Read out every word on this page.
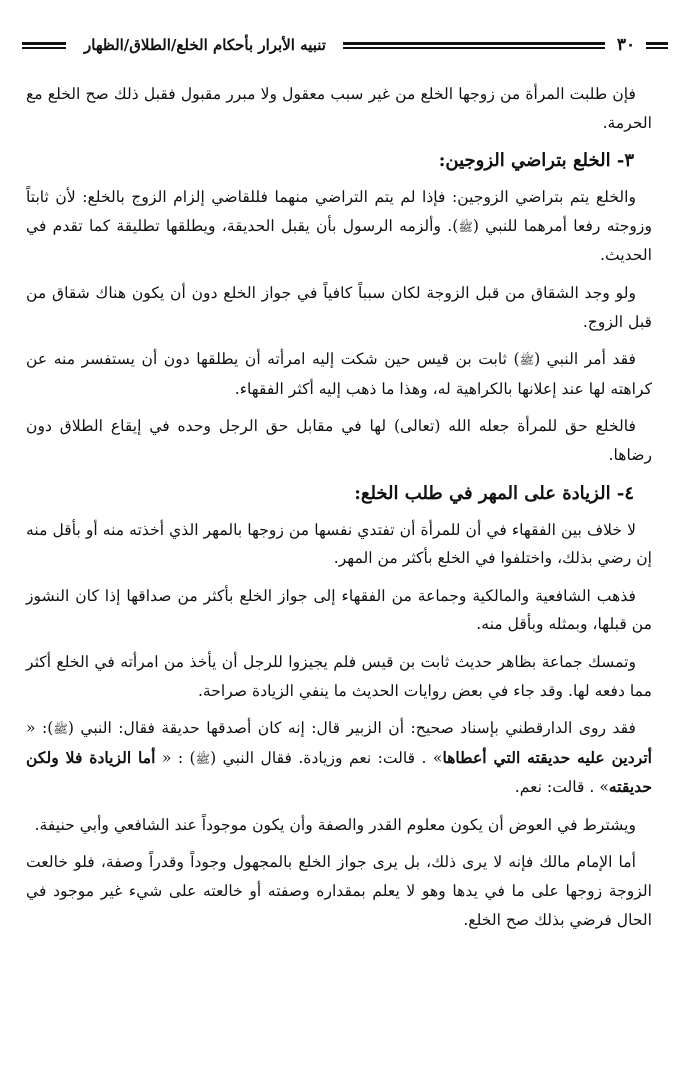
تنبيه الأبرار بأحكام الخلع/الطلاق/الظهار	٣٠

فإن طلبت المرأة من زوجها الخلع من غير سبب معقول ولا مبرر مقبول فقبل ذلك صح الخلع مع الحرمة.

٣- الخلع بتراضي الزوجين:

والخلع يتم بتراضي الزوجين: فإذا لم يتم التراضي منهما فللقاضي إلزام الزوج بالخلع: لأن ثابتاً وزوجته رفعا أمرهما للنبي (ﷺ). وألزمه الرسول بأن يقبل الحديقة، ويطلقها تطليقة كما تقدم في الحديث.

ولو وجد الشقاق من قبل الزوجة لكان سبباً كافياً في جواز الخلع دون أن يكون هناك شقاق من قبل الزوج.

فقد أمر النبي (ﷺ) ثابت بن قيس حين شكت إليه امرأته أن يطلقها دون أن يستفسر منه عن كراهته لها عند إعلانها بالكراهية له، وهذا ما ذهب إليه أكثر الفقهاء.

فالخلع حق للمرأة جعله الله (تعالى) لها في مقابل حق الرجل وحده في إيقاع الطلاق دون رضاها.

٤- الزيادة على المهر في طلب الخلع:

لا خلاف بين الفقهاء في أن للمرأة أن تفتدي نفسها من زوجها بالمهر الذي أخذته منه أو بأقل منه إن رضي بذلك، واختلفوا في الخلع بأكثر من المهر.

فذهب الشافعية والمالكية وجماعة من الفقهاء إلى جواز الخلع بأكثر من صداقها إذا كان النشوز من قبلها، وبمثله وبأقل منه.

وتمسك جماعة بظاهر حديث ثابت بن قيس فلم يجيزوا للرجل أن يأخذ من امرأته في الخلع أكثر مما دفعه لها. وقد جاء في بعض روايات الحديث ما ينفي الزيادة صراحة.

فقد روى الدارقطني بإسناد صحيح: أن الزبير قال: إنه كان أصدقها حديقة فقال: النبي (ﷺ): « أتردين عليه حديقته التي أعطاها» . قالت: نعم وزيادة. فقال النبي (ﷺ) : « أما الزيادة فلا ولكن حديقته» . قالت: نعم.

ويشترط في العوض أن يكون معلوم القدر والصفة وأن يكون موجوداً عند الشافعي وأبي حنيفة.

أما الإمام مالك فإنه لا يرى ذلك، بل يرى جواز الخلع بالمجهول وجوداً وقدراً وصفة، فلو خالعت الزوجة زوجها على ما في يدها وهو لا يعلم بمقداره وصفته أو خالعته على شيء غير موجود في الحال فرضي بذلك صح الخلع.
